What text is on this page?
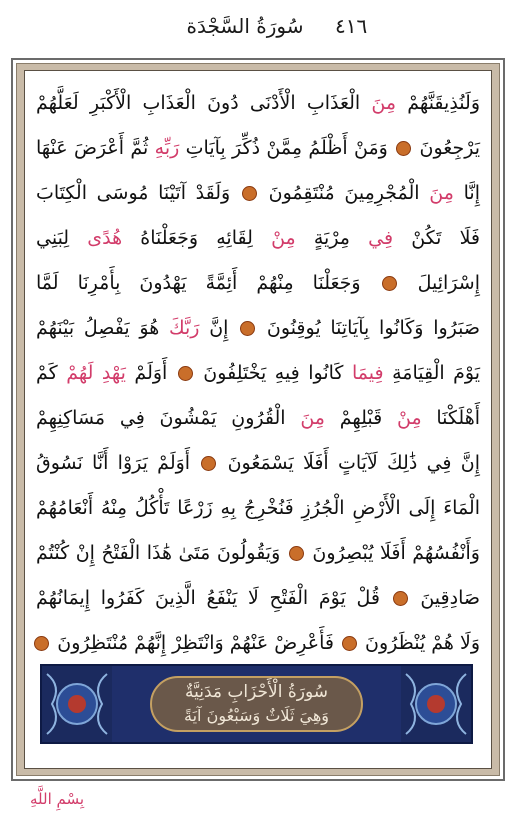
سُورَةُ السَّجْدَة	٤١٦
وَلَنُذِيقَنَّهُمْ مِنَ الْعَذَابِ الْأَدْنَى دُونَ الْعَذَابِ الْأَكْبَرِ لَعَلَّهُمْ
يَرْجِعُونَ  وَمَنْ أَظْلَمُ مِمَّنْ ذُكِّرَ بِآيَاتِ رَبِّهِ ثُمَّ أَعْرَضَ عَنْهَا
إِنَّا مِنَ الْمُجْرِمِينَ مُنْتَقِمُونَ  وَلَقَدْ آتَيْنَا مُوسَى الْكِتَابَ
فَلَا تَكُنْ فِي مِرْيَةٍ مِنْ لِقَائِهِ وَجَعَلْنَاهُ هُدًى لِبَنِي
إِسْرَائِيلَ  وَجَعَلْنَا مِنْهُمْ أَئِمَّةً يَهْدُونَ بِأَمْرِنَا لَمَّا
صَبَرُوا وَكَانُوا بِآيَاتِنَا يُوقِنُونَ  إِنَّ رَبَّكَ هُوَ يَفْصِلُ بَيْنَهُمْ
يَوْمَ الْقِيَامَةِ فِيمَا كَانُوا فِيهِ يَخْتَلِفُونَ  أَوَلَمْ يَهْدِ لَهُمْ كَمْ
أَهْلَكْنَا مِنْ قَبْلِهِمْ مِنَ الْقُرُونِ يَمْشُونَ فِي مَسَاكِنِهِمْ
إِنَّ فِي ذَٰلِكَ لَآيَاتٍ أَفَلَا يَسْمَعُونَ  أَوَلَمْ يَرَوْا أَنَّا نَسُوقُ
الْمَاءَ إِلَى الْأَرْضِ الْجُرُزِ فَنُخْرِجُ بِهِ زَرْعًا تَأْكُلُ مِنْهُ أَنْعَامُهُمْ
وَأَنْفُسُهُمْ أَفَلَا يُبْصِرُونَ  وَيَقُولُونَ مَتَىٰ هَٰذَا الْفَتْحُ إِنْ كُنْتُمْ
صَادِقِينَ  قُلْ يَوْمَ الْفَتْحِ لَا يَنْفَعُ الَّذِينَ كَفَرُوا إِيمَانُهُمْ
وَلَا هُمْ يُنْظَرُونَ  فَأَعْرِضْ عَنْهُمْ وَانْتَظِرْ إِنَّهُمْ مُنْتَظِرُونَ
سُورَةُ الْأَحْزَابِ مَدَنِيَّةٌ
وَهِيَ ثَلَاثٌ وَسَبْعُونَ آيَةً
بِسْمِ اللَّهِ
